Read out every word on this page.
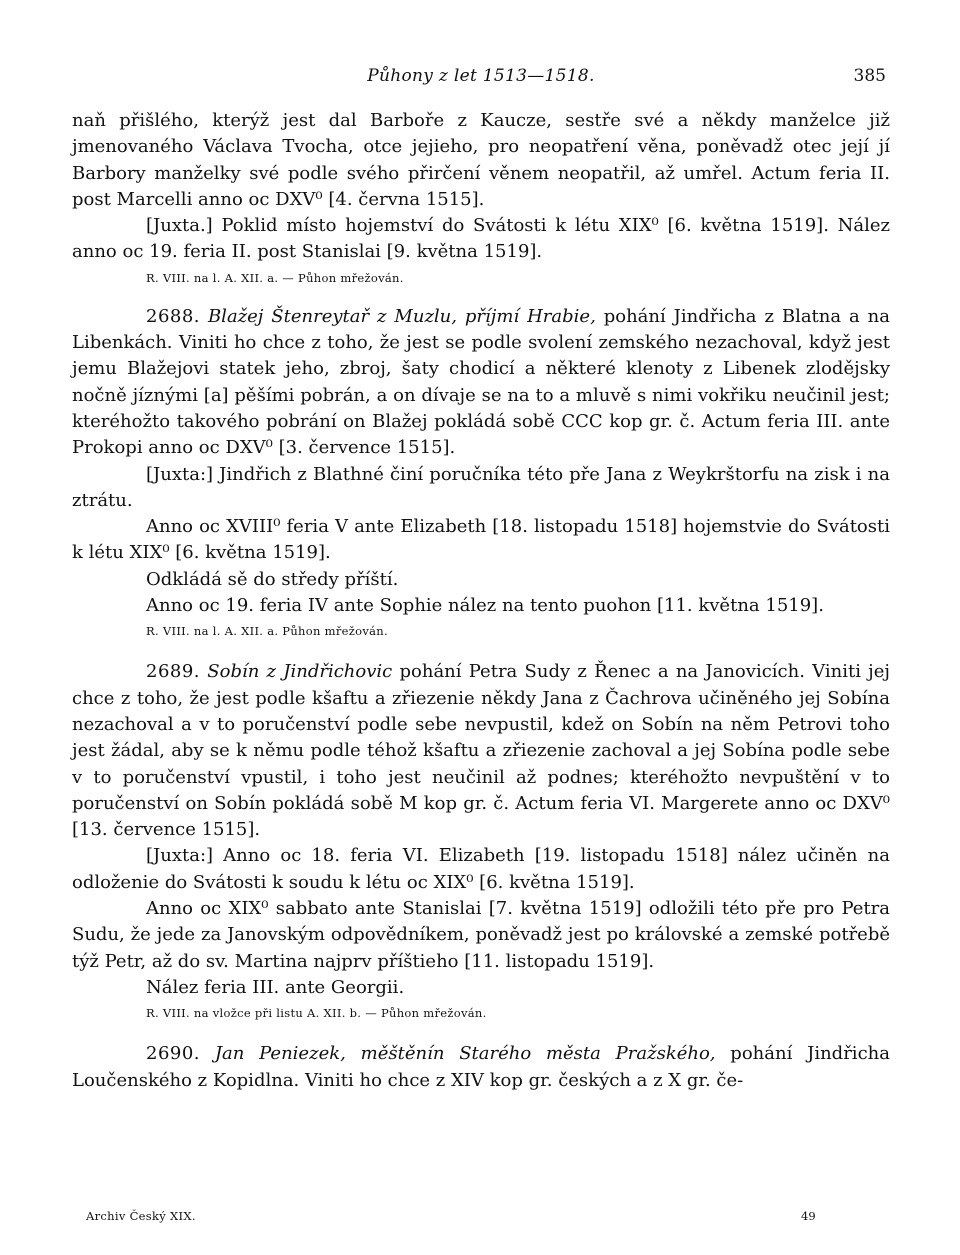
Půhony z let 1513—1518.	385

naň přišlého, kterýž jest dal Barboře z Kaucze, sestře své a někdy manželce již jmenovaného Václava Tvocha, otce jejieho, pro neopatření věna, poněvadž otec její jí Barbory manželky své podle svého přirčení věnem neopatřil, až umřel. Actum feria II. post Marcelli anno oc DXV⁰ [4. června 1515].

[Juxta.] Poklid místo hojemství do Svátosti k létu XIX⁰ [6. května 1519]. Nález anno oc 19. feria II. post Stanislai [9. května 1519].

R. VIII. na l. A. XII. a. — Půhon mřežován.

2688. Blažej Štenreytař z Muzlu, příjmí Hrabie, pohání Jindřicha z Blatna a na Libenkách. Viniti ho chce z toho, že jest se podle svolení zemského nezachoval, když jest jemu Blažejovi statek jeho, zbroj, šaty chodicí a některé klenoty z Libenek zlodějsky nočně jíznými [a] pěšími pobrán, a on dívaje se na to a mluvě s nimi vokřiku neučinil jest; kteréhožto takového pobrání on Blažej pokládá sobě CCC kop gr. č. Actum feria III. ante Prokopi anno oc DXV⁰ [3. července 1515].

[Juxta:] Jindřich z Blathné činí poručníka této pře Jana z Weykrštorfu na zisk i na ztrátu.

Anno oc XVIII⁰ feria V ante Elizabeth [18. listopadu 1518] hojemstvie do Svátosti k létu XIX⁰ [6. května 1519].

Odkládá sě do středy příští.

Anno oc 19. feria IV ante Sophie nález na tento puohon [11. května 1519].

R. VIII. na l. A. XII. a. Půhon mřežován.

2689. Sobín z Jindřichovic pohání Petra Sudy z Řenec a na Janovicích. Viniti jej chce z toho, že jest podle kšaftu a zřiezenie někdy Jana z Čachrova učiněného jej Sobína nezachoval a v to poručenství podle sebe nevpustil, kdež on Sobín na něm Petrovi toho jest žádal, aby se k němu podle téhož kšaftu a zřiezenie zachoval a jej Sobína podle sebe v to poručenství vpustil, i toho jest neučinil až podnes; kteréhožto nevpuštění v to poručenství on Sobín pokládá sobě M kop gr. č. Actum feria VI. Margerete anno oc DXV⁰ [13. července 1515].

[Juxta:] Anno oc 18. feria VI. Elizabeth [19. listopadu 1518] nález učiněn na odloženie do Svátosti k soudu k létu oc XIX⁰ [6. května 1519].

Anno oc XIX⁰ sabbato ante Stanislai [7. května 1519] odložili této pře pro Petra Sudu, že jede za Janovským odpovědníkem, poněvadž jest po královské a zemské potřebě týž Petr, až do sv. Martina najprv příštieho [11. listopadu 1519].

Nález feria III. ante Georgii.

R. VIII. na vložce při listu A. XII. b. — Půhon mřežován.

2690. Jan Peniezek, měštěnín Starého města Pražského, pohání Jindřicha Loučenského z Kopidlna. Viniti ho chce z XIV kop gr. českých a z X gr. če-

Archiv Český XIX.	49
